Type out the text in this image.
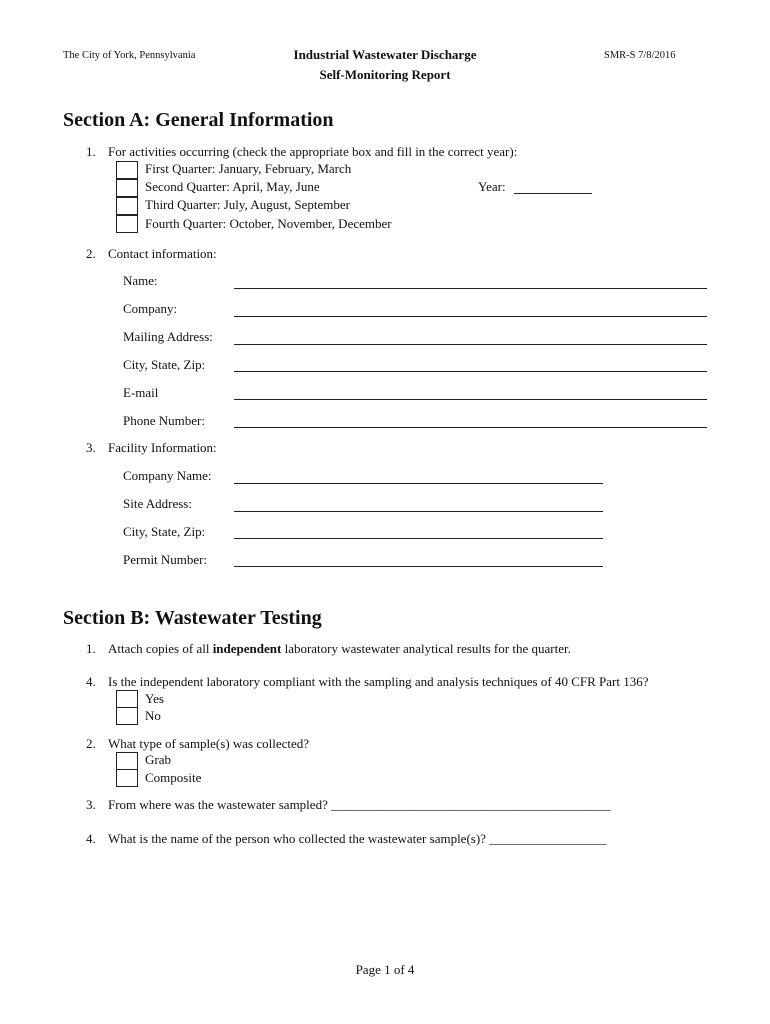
The City of York, Pennsylvania	Industrial Wastewater Discharge
Self-Monitoring Report
SMR-S 7/8/2016
Section A: General Information
1. For activities occurring (check the appropriate box and fill in the correct year):
First Quarter: January, February, March
Second Quarter: April, May, June
Third Quarter: July, August, September
Fourth Quarter: October, November, December
Year:
2. Contact information:
Name:
Company:
Mailing Address:
City, State, Zip:
E-mail
Phone Number:
3. Facility Information:
Company Name:
Site Address:
City, State, Zip:
Permit Number:
Section B: Wastewater Testing
1. Attach copies of all independent laboratory wastewater analytical results for the quarter.
4. Is the independent laboratory compliant with the sampling and analysis techniques of 40 CFR Part 136?
Yes
No
2. What type of sample(s) was collected?
Grab
Composite
3. From where was the wastewater sampled? ___________________________________________
4. What is the name of the person who collected the wastewater sample(s)? __________________
Page 1 of 4
